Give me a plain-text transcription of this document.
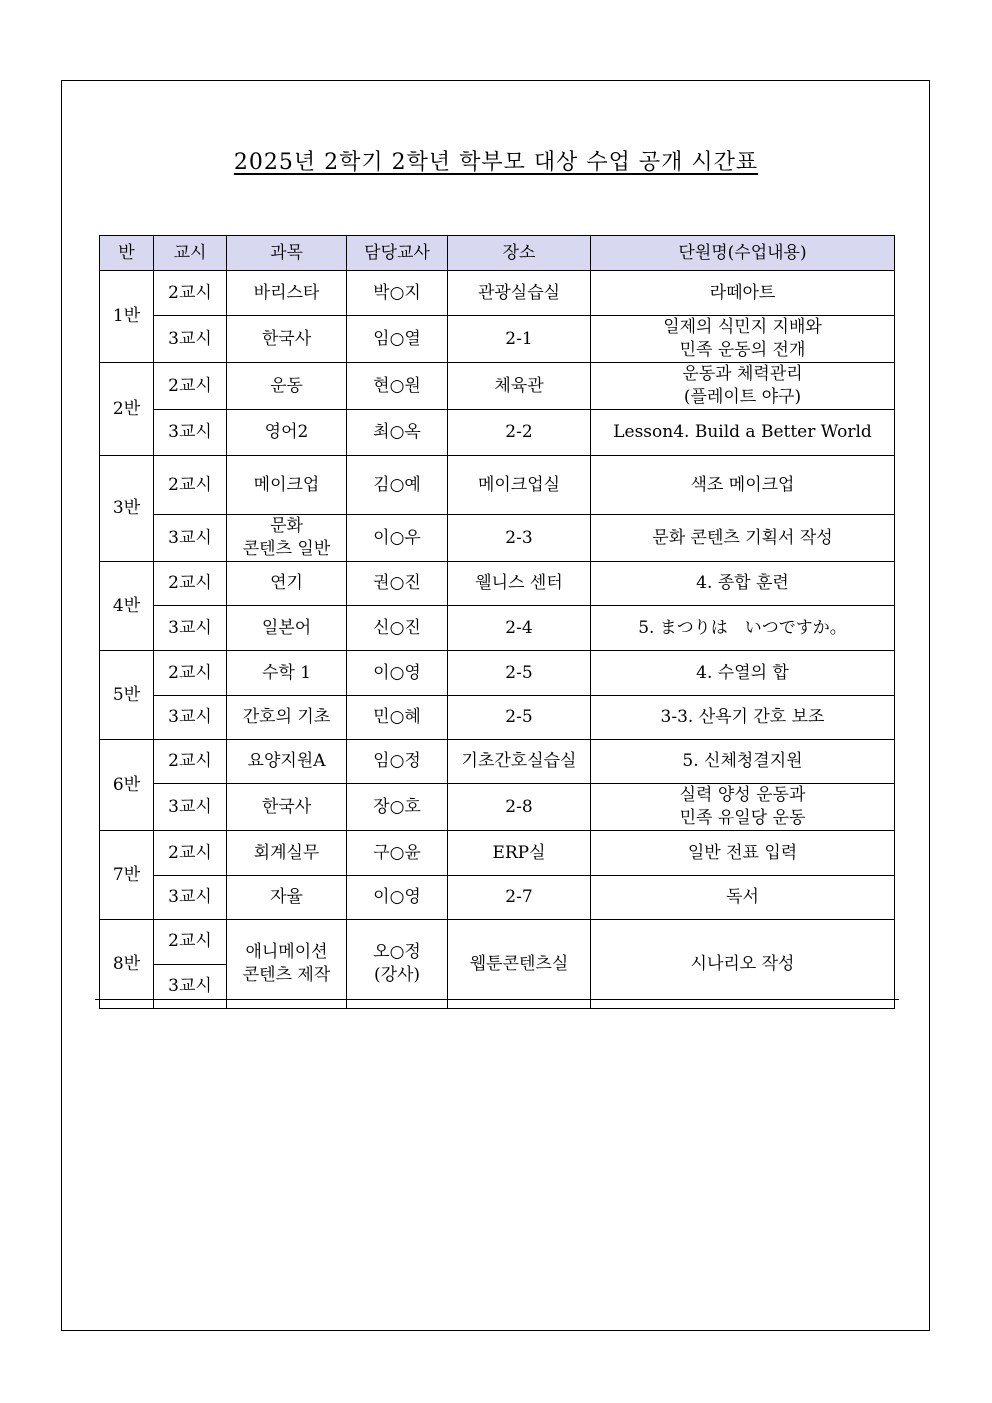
2025년 2학기 2학년 학부모 대상 수업 공개 시간표
반	교시	과목	담당교사	장소	단원명(수업내용)
1반	2교시	바리스타	박○지	관광실습실	라떼아트

	3교시	한국사	임○열	2-1	일제의 식민지 지배와
민족 운동의 전개

2반	2교시	운동	현○원	체육관	운동과 체력관리
(플레이트 야구)

	3교시	영어2	최○옥	2-2	Lesson4. Build a Better World

3반	2교시	메이크업	김○예	메이크업실	색조 메이크업

	3교시	문화
콘텐츠 일반	이○우	2-3	문화 콘텐츠 기획서 작성

4반	2교시	연기	권○진	웰니스 센터	4. 종합 훈련

	3교시	일본어	신○진	2-4	5. まつりは　いつですか。

5반	2교시	수학 1	이○영	2-5	4. 수열의 합

	3교시	간호의 기초	민○혜	2-5	3-3. 산욕기 간호 보조

6반	2교시	요양지원A	임○정	기초간호실습실	5. 신체청결지원

	3교시	한국사	장○호	2-8	실력 양성 운동과
민족 유일당 운동

7반	2교시	회계실무	구○윤	ERP실	일반 전표 입력

	3교시	자율	이○영	2-7	독서

8반	2교시	애니메이션
콘텐츠 제작	오○정
(강사)	웹툰콘텐츠실	시나리오 작성
	3교시				
